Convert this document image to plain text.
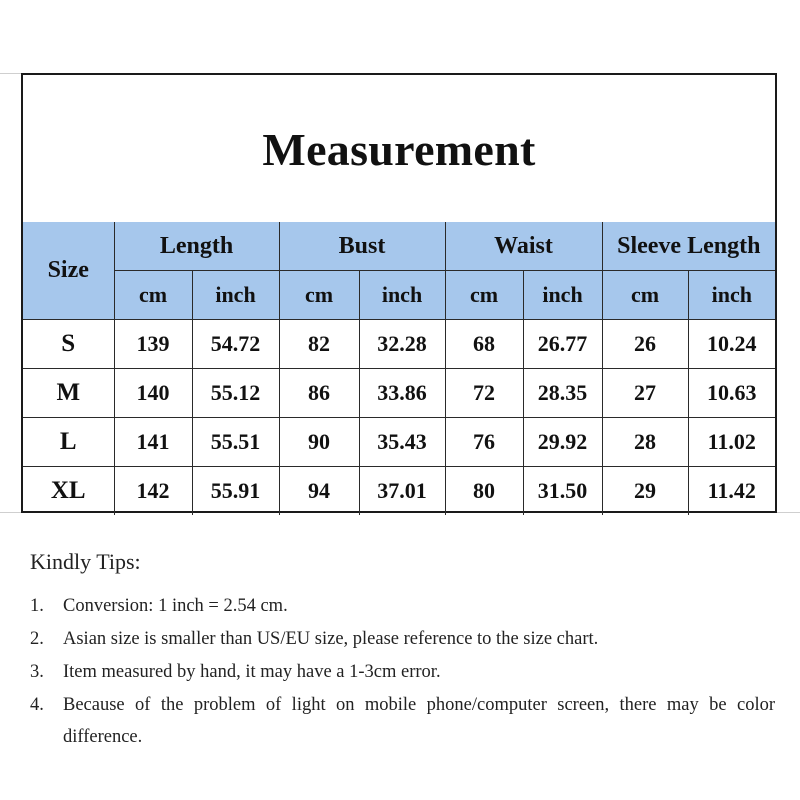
Measurement
Size	Length		Bust		Waist		Sleeve Length	
	cm	inch	cm	inch	cm	inch	cm	inch
S	139	54.72	82	32.28	68	26.77	26	10.24
M	140	55.12	86	33.86	72	28.35	27	10.63
L	141	55.51	90	35.43	76	29.92	28	11.02
XL	142	55.91	94	37.01	80	31.50	29	11.42
Kindly Tips:
1.	Conversion: 1 inch = 2.54 cm.
2.	Asian size is smaller than US/EU size, please reference to the size chart.
3.	Item measured by hand, it may have a 1-3cm error.
4.	Because of the problem of light on mobile phone/computer screen, there may be color difference.
